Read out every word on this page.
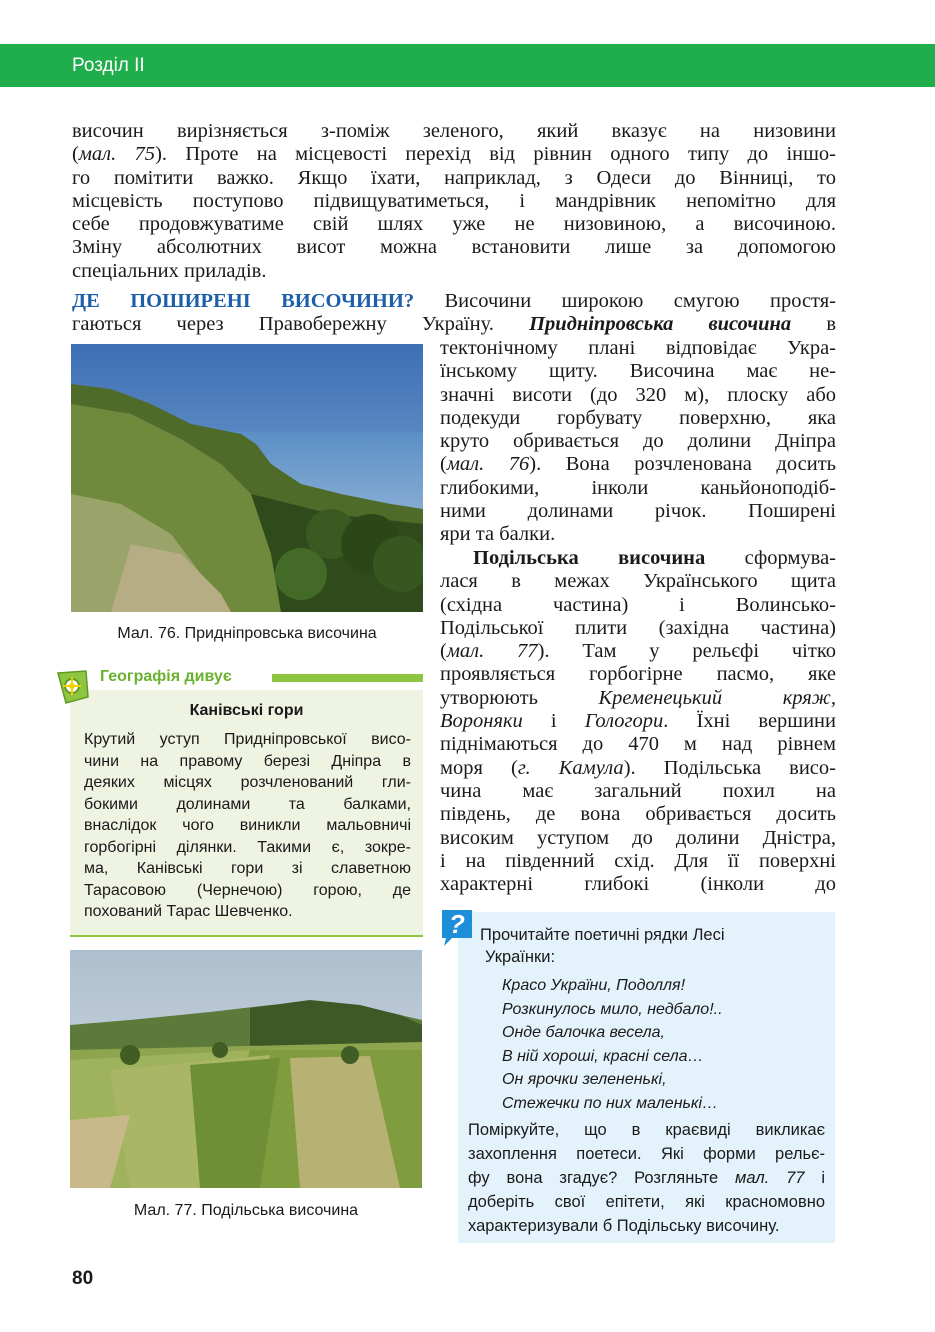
Розділ ІІ
височин вирізняється з-поміж зеленого, який вказує на низовини
(мал. 75). Проте на місцевості перехід від рівнин одного типу до іншо-
го помітити важко. Якщо їхати, наприклад, з Одеси до Вінниці, то
місцевість поступово підвищуватиметься, і мандрівник непомітно для
себе продовжуватиме свій шлях уже не низовиною, а височиною.
Зміну абсолютних висот можна встановити лише за допомогою
спеціальних приладів.
ДЕ ПОШИРЕНІ ВИСОЧИНИ? Височини широкою смугою простя-
гаються через Правобережну Україну. Придніпровська височина в
тектонічному плані відповідає Укра-
їнському щиту. Височина має не-
значні висоти (до 320 м), плоску або
подекуди горбувату поверхню, яка
круто обривається до долини Дніпра
(мал. 76). Вона розчленована досить
глибокими, інколи каньйоноподіб-
ними долинами річок. Поширені
яри та балки.
Подільська височина сформува-
лася в межах Українського щита
(східна частина) і Волинсько-
Подільської плити (західна частина)
(мал. 77). Там у рельєфі чітко
проявляється горбогірне пасмо, яке
утворюють Кременецький кряж,
Вороняки і Гологори. Їхні вершини
піднімаються до 470 м над рівнем
моря (г. Камула). Подільська висо-
чина має загальний похил на
південь, де вона обривається досить
високим уступом до долини Дністра,
і на південний схід. Для її поверхні
характерні глибокі (інколи до
Мал. 76. Придніпровська височина
Географія дивує
Канівські гори
Крутий уступ Придніпровської висо-
чини на правому березі Дніпра в
деяких місцях розчленований гли-
бокими долинами та балками,
внаслідок чого виникли мальовничі
горбогірні ділянки. Такими є, зокре-
ма, Канівські гори зі славетною
Тарасовою (Чернечою) горою, де
похований Тарас Шевченко.
Мал. 77. Подільська височина
? Прочитайте поетичні рядки Лесі
Українки:
Красо України, Подолля!
Розкинулось мило, недбало!..
Онде балочка весела,
В ній хороші, красні села…
Он ярочки зелененькі,
Стежечки по них маленькі…
Поміркуйте, що в краєвиді викликає
захоплення поетеси. Які форми рельє-
фу вона згадує? Розгляньте мал. 77 і
доберіть свої епітети, які красномовно
характеризували б Подільську височину.
80
